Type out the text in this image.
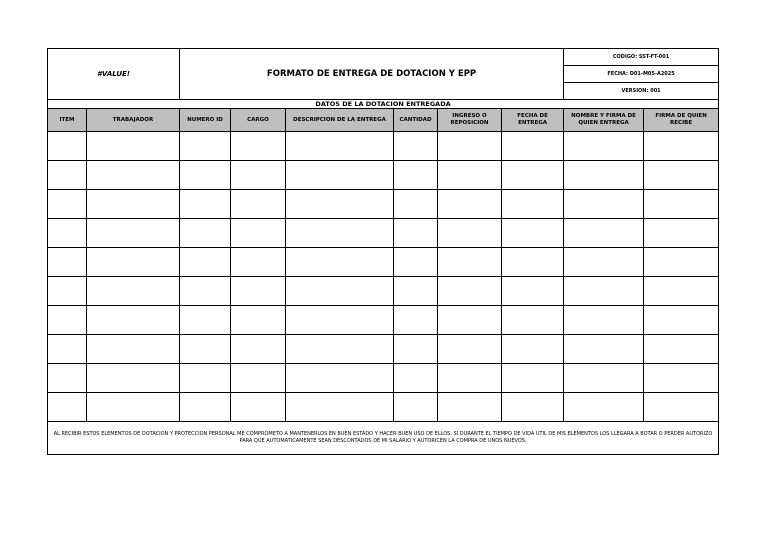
#VALUE!		FORMATO DE ENTREGA DE DOTACION Y EPP						CODIGO: SST-FT-001	
								FECHA: D01-M05-A2025	
								VERSION: 001	
DATOS DE LA DOTACION ENTREGADA									
ITEM	TRABAJADOR	NUMERO ID	CARGO	DESCRIPCION DE LA ENTREGA	CANTIDAD	INGRESO O REPOSICION	FECHA DE ENTREGA	NOMBRE Y FIRMA DE QUIEN ENTREGA	FIRMA DE QUIEN RECIBE

AL RECIBIR ESTOS ELEMENTOS DE DOTACION Y PROTECCION PERSONAL ME COMPROMETO A MANTENERLOS EN BUEN ESTADO Y HACER BUEN USO DE ELLOS, SI DURANTE EL TIEMPO DE VIDA UTIL DE MIS ELEMENTOS LOS LLEGARA A BOTAR O PERDER AUTORIZO PARA QUE AUTOMATICAMENTE SEAN DESCONTADOS DE MI SALARIO Y AUTORICEN LA COMPRA DE UNOS NUEVOS.									
